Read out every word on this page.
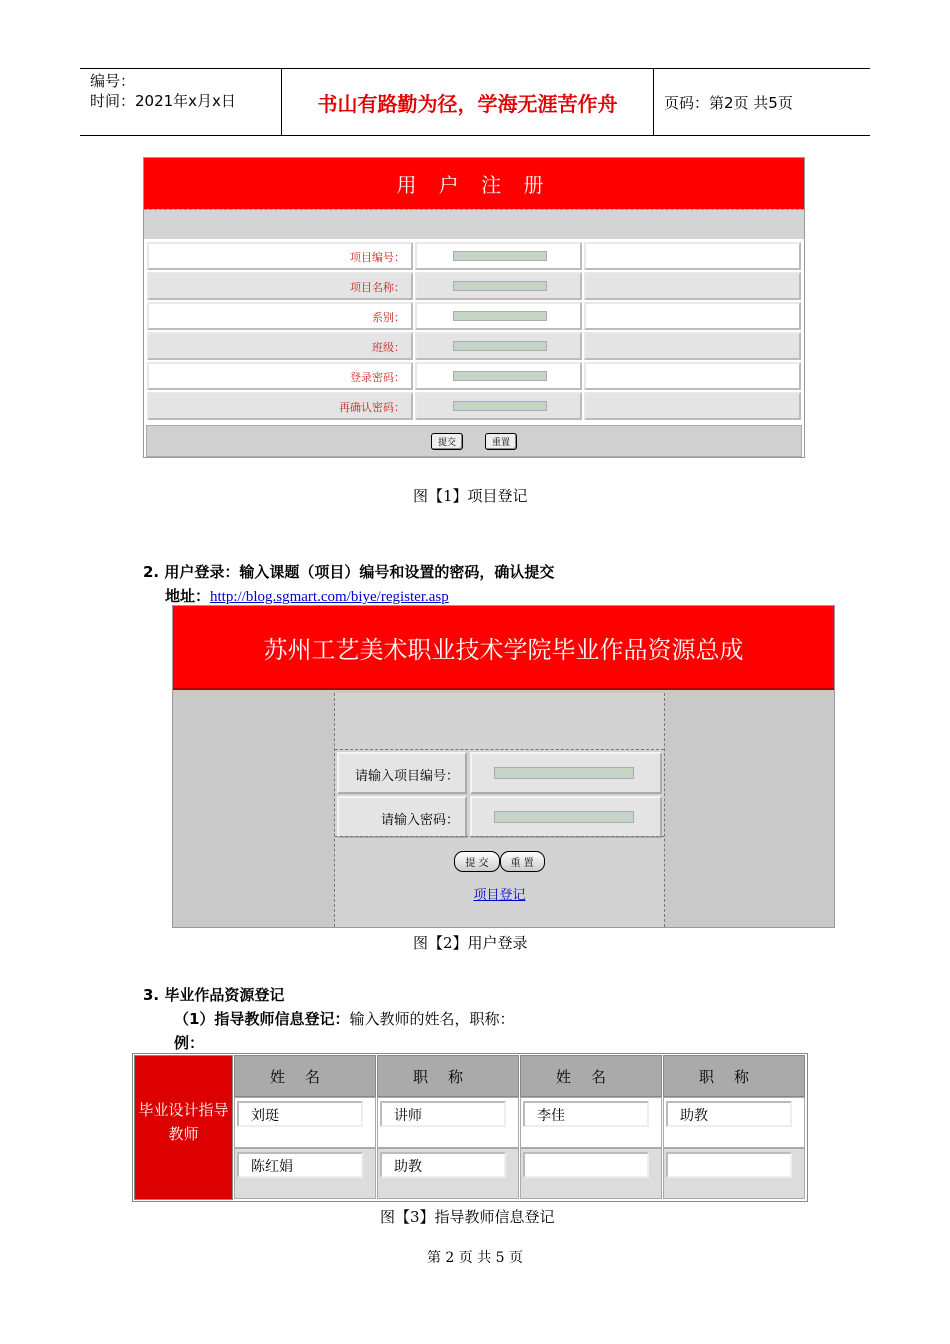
编号：
时间：2021年x月x日	书山有路勤为径，学海无涯苦作舟	页码：第2页 共5页
用 户 注 册
项目编号：
项目名称：
系别：
班级：
登录密码：
再确认密码：
提交	重置
图【1】项目登记
2. 用户登录：输入课题（项目）编号和设置的密码，确认提交
地址：http://blog.sgmart.com/biye/register.asp
苏州工艺美术职业技术学院毕业作品资源总成
请输入项目编号：
请输入密码：
提 交	重 置
项目登记
图【2】用户登录
3. 毕业作品资源登记
（1）指导教师信息登记：输入教师的姓名，职称：
例：
毕业设计指导教师
姓名	职称	姓名	职称
刘珽	讲师	李佳	助教
陈红娟	助教
图【3】指导教师信息登记
第 2 页 共 5 页
